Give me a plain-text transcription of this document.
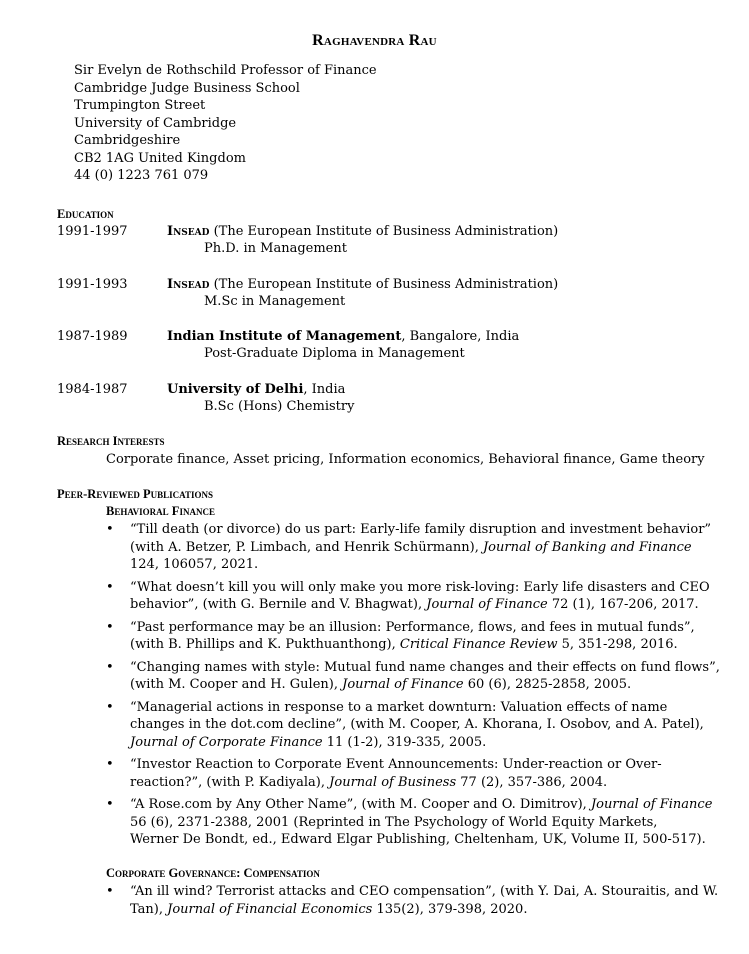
Raghavendra Rau
Sir Evelyn de Rothschild Professor of Finance
Cambridge Judge Business School
Trumpington Street
University of Cambridge
Cambridgeshire
CB2 1AG United Kingdom
44 (0) 1223 761 079
Education
1991-1997	Insead (The European Institute of Business Administration)
Ph.D. in Management
1991-1993	Insead (The European Institute of Business Administration)
M.Sc in Management
1987-1989	Indian Institute of Management, Bangalore, India
Post-Graduate Diploma in Management
1984-1987	University of Delhi, India
B.Sc (Hons) Chemistry
Research Interests
Corporate finance, Asset pricing, Information economics, Behavioral finance, Game theory
Peer-Reviewed Publications
Behavioral Finance
• “Till death (or divorce) do us part: Early-life family disruption and investment behavior”
(with A. Betzer, P. Limbach, and Henrik Schürmann), Journal of Banking and Finance
124, 106057, 2021.
• “What doesn’t kill you will only make you more risk-loving: Early life disasters and CEO
behavior”, (with G. Bernile and V. Bhagwat), Journal of Finance 72 (1), 167-206, 2017.
• “Past performance may be an illusion: Performance, flows, and fees in mutual funds”,
(with B. Phillips and K. Pukthuanthong), Critical Finance Review 5, 351-298, 2016.
• “Changing names with style: Mutual fund name changes and their effects on fund flows”,
(with M. Cooper and H. Gulen), Journal of Finance 60 (6), 2825-2858, 2005.
• “Managerial actions in response to a market downturn: Valuation effects of name
changes in the dot.com decline”, (with M. Cooper, A. Khorana, I. Osobov, and A. Patel),
Journal of Corporate Finance 11 (1-2), 319-335, 2005.
• “Investor Reaction to Corporate Event Announcements: Under-reaction or Over-
reaction?”, (with P. Kadiyala), Journal of Business 77 (2), 357-386, 2004.
• “A Rose.com by Any Other Name”, (with M. Cooper and O. Dimitrov), Journal of Finance
56 (6), 2371-2388, 2001 (Reprinted in The Psychology of World Equity Markets,
Werner De Bondt, ed., Edward Elgar Publishing, Cheltenham, UK, Volume II, 500-517).
Corporate Governance: Compensation
• “An ill wind? Terrorist attacks and CEO compensation”, (with Y. Dai, A. Stouraitis, and W.
Tan), Journal of Financial Economics 135(2), 379-398, 2020.
